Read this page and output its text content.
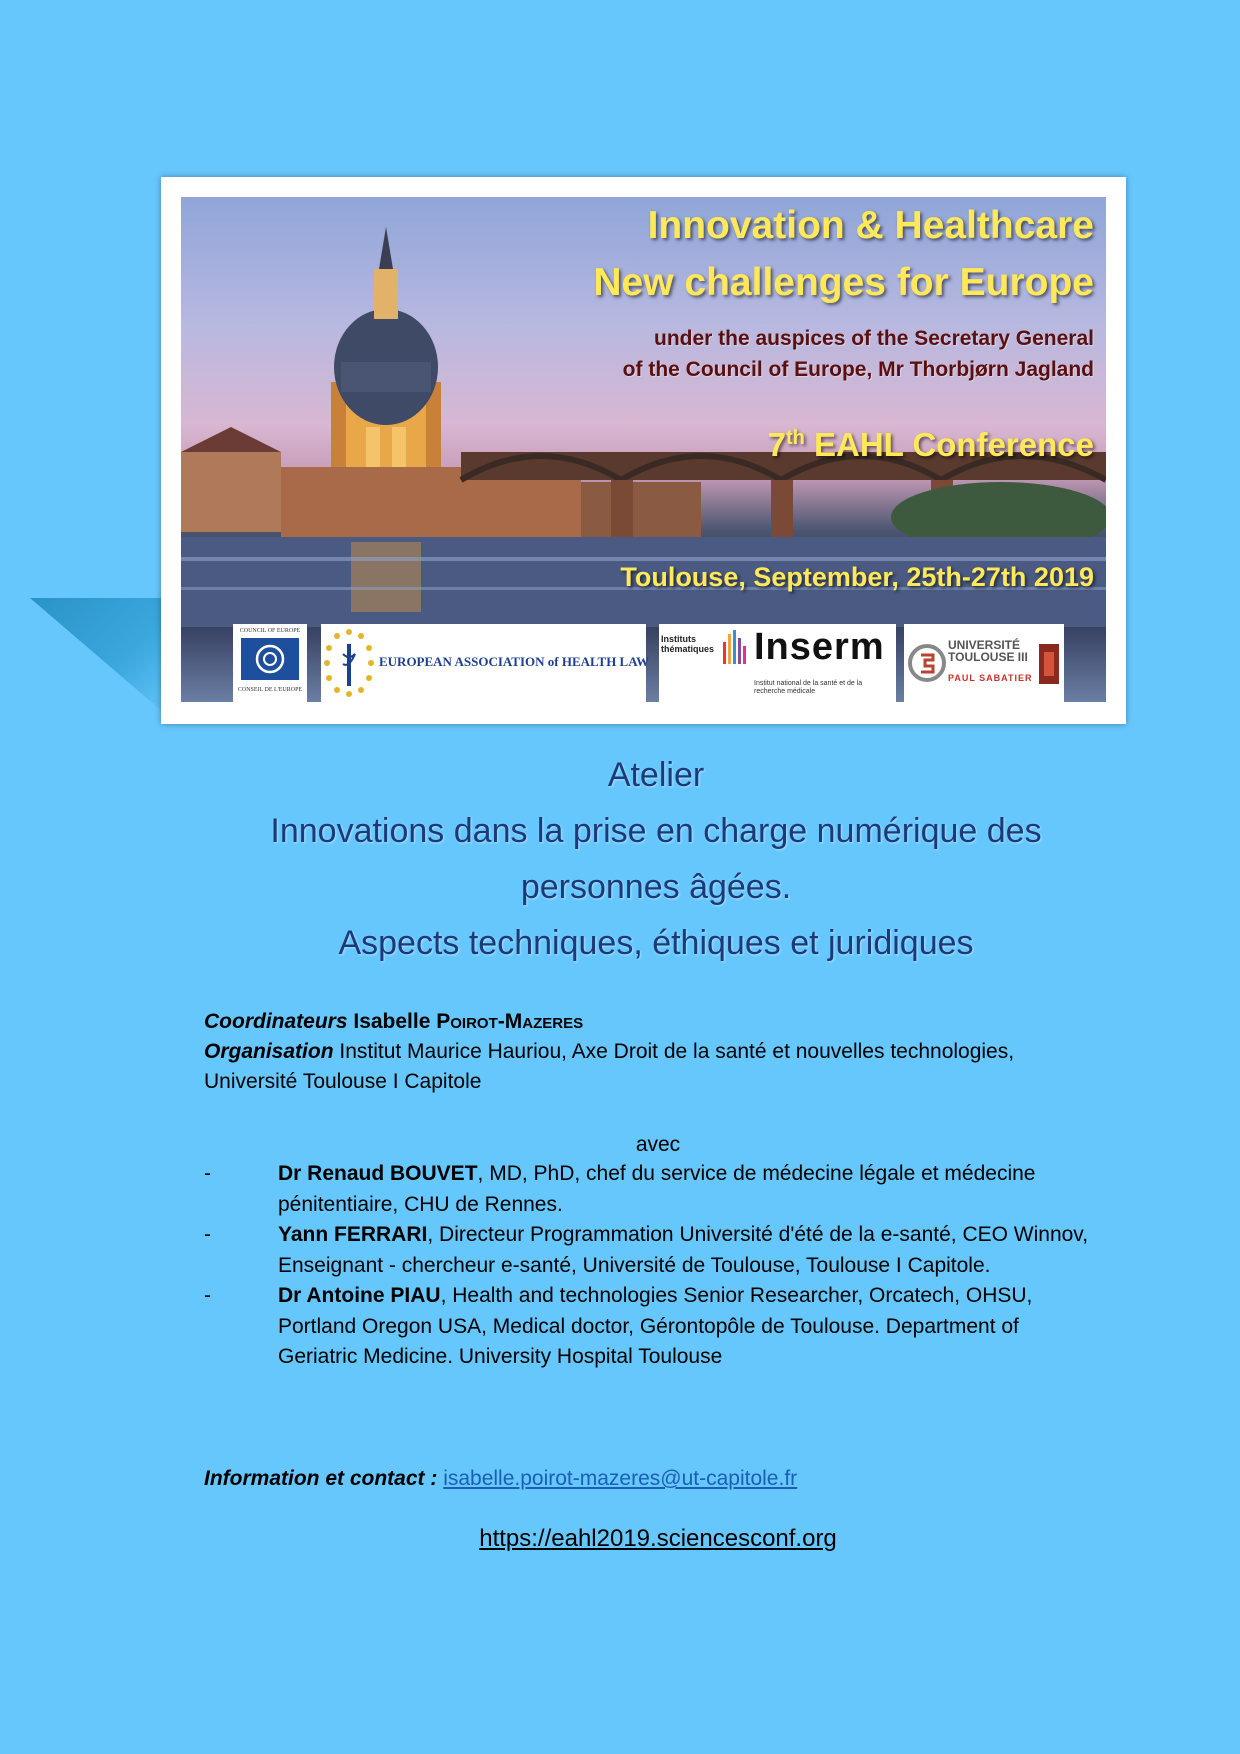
Innovation & Healthcare
New challenges for Europe
under the auspices of the Secretary General
of the Council of Europe, Mr Thorbjørn Jagland
7th EAHL Conference
Toulouse, September, 25th-27th 2019
COUNCIL OF EUROPE
CONSEIL DE L'EUROPE
EUROPEAN ASSOCIATION of HEALTH LAW
Instituts thématiques Inserm
Institut national de la santé et de la recherche médicale
UNIVERSITÉ
TOULOUSE III
PAUL SABATIER
Atelier
Innovations dans la prise en charge numérique des
personnes âgées.
Aspects techniques, éthiques et juridiques
Coordinateurs Isabelle Poirot-Mazeres
Organisation Institut Maurice Hauriou, Axe Droit de la santé et nouvelles technologies, Université Toulouse I Capitole
avec
-	Dr Renaud BOUVET, MD, PhD, chef du service de médecine légale et médecine pénitentiaire, CHU de Rennes.
-	Yann FERRARI, Directeur Programmation Université d'été de la e-santé, CEO Winnov, Enseignant - chercheur e-santé, Université de Toulouse, Toulouse I Capitole.
-	Dr Antoine PIAU, Health and technologies Senior Researcher, Orcatech, OHSU, Portland Oregon USA, Medical doctor, Gérontopôle de Toulouse. Department of Geriatric Medicine. University Hospital Toulouse
Information et contact : isabelle.poirot-mazeres@ut-capitole.fr
https://eahl2019.sciencesconf.org
